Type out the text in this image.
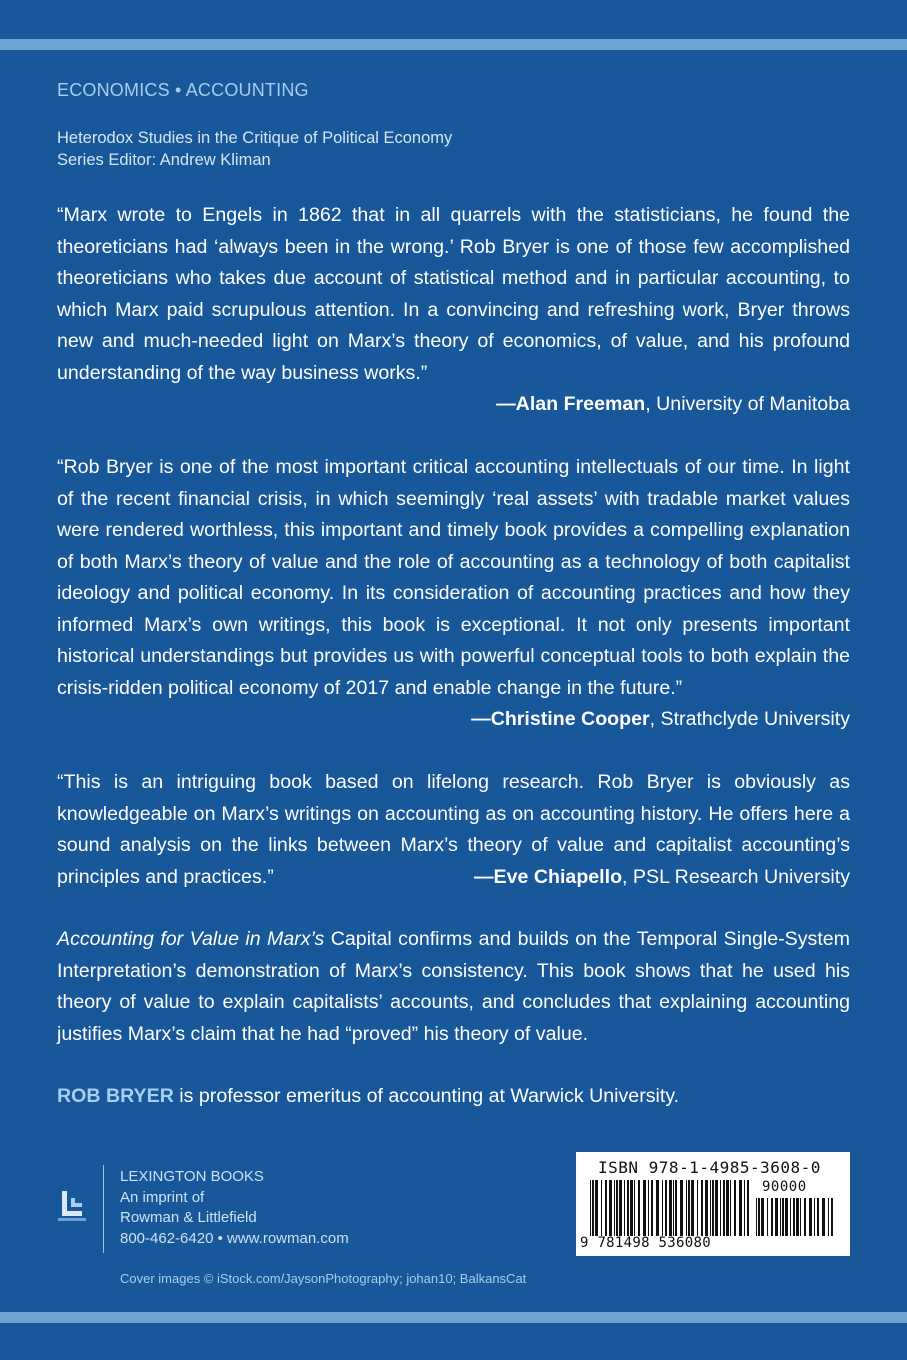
ECONOMICS • ACCOUNTING
Heterodox Studies in the Critique of Political Economy
Series Editor: Andrew Kliman
“Marx wrote to Engels in 1862 that in all quarrels with the statisticians, he found the theoreticians had ‘always been in the wrong.’ Rob Bryer is one of those few accomplished theoreticians who takes due account of statistical method and in particular accounting, to which Marx paid scrupulous attention. In a convincing and refreshing work, Bryer throws new and much-needed light on Marx’s theory of economics, of value, and his profound understanding of the way business works.”
—Alan Freeman, University of Manitoba
“Rob Bryer is one of the most important critical accounting intellectuals of our time. In light of the recent financial crisis, in which seemingly ‘real assets’ with tradable market values were rendered worthless, this important and timely book provides a compelling explanation of both Marx’s theory of value and the role of accounting as a technology of both capitalist ideology and political economy. In its consideration of accounting practices and how they informed Marx’s own writings, this book is exceptional. It not only presents important historical understandings but provides us with powerful conceptual tools to both explain the crisis-ridden political economy of 2017 and enable change in the future.”
—Christine Cooper, Strathclyde University
“This is an intriguing book based on lifelong research. Rob Bryer is obviously as knowledgeable on Marx’s writings on accounting as on accounting history. He offers here a sound analysis on the links between Marx’s theory of value and capitalist accounting’s principles and practices.”	—Eve Chiapello, PSL Research University
Accounting for Value in Marx’s Capital confirms and builds on the Temporal Single-System Interpretation’s demonstration of Marx’s consistency. This book shows that he used his theory of value to explain capitalists’ accounts, and concludes that explaining accounting justifies Marx’s claim that he had “proved” his theory of value.
ROB BRYER is professor emeritus of accounting at Warwick University.
LEXINGTON BOOKS
An imprint of
Rowman & Littlefield
800-462-6420 • www.rowman.com
ISBN 978-1-4985-3608-0
90000
9 781498 536080
Cover images © iStock.com/JaysonPhotography; johan10; BalkansCat
